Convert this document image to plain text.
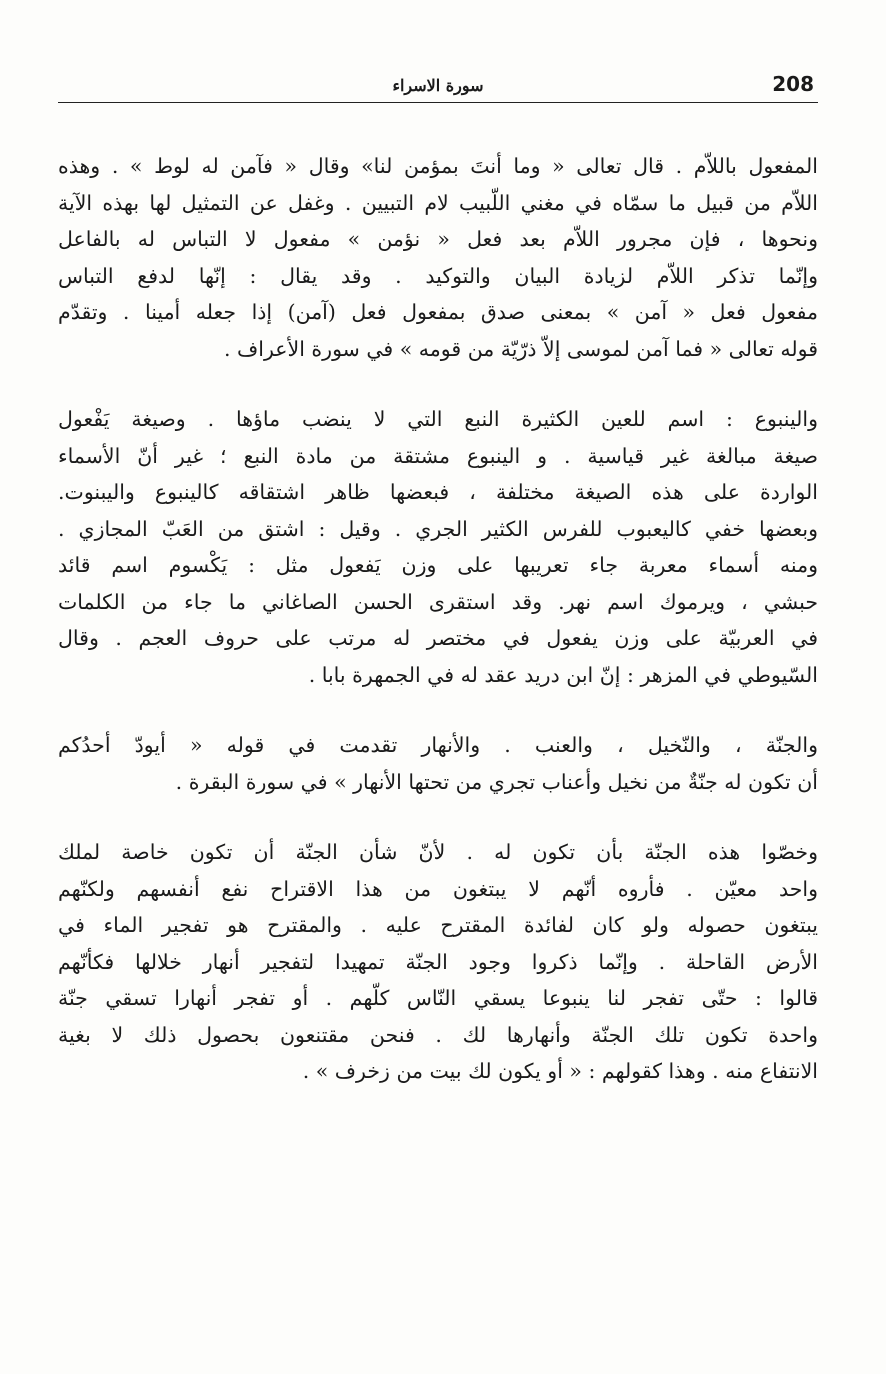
208
سورة الاسراء
المفعول باللاّم . قال تعالى « وما أنتَ بمؤمن لنا» وقال « فآمن له لوط » . وهذه
اللاّم من قبيل ما سمّاه في مغني اللّبيب لام التبيين . وغفل عن التمثيل لها بهذه الآية
ونحوها ، فإن مجرور اللاّم بعد فعل « نؤمن » مفعول لا التباس له بالفاعل
وإنّما تذكر اللاّم لزيادة البيان والتوكيد . وقد يقال : إنّها لدفع التباس
مفعول فعل « آمن » بمعنى صدق بمفعول فعل (آمن) إذا جعله أمينا . وتقدّم
قوله تعالى « فما آمن لموسى إلاّ ذرّيّة من قومه » في سورة الأعراف .
والينبوع : اسم للعين الكثيرة النبع التي لا ينضب ماؤها . وصيغة يَفْعول
صيغة مبالغة غير قياسية . و الينبوع مشتقة من مادة النبع ؛ غير أنّ الأسماء
الواردة على هذه الصيغة مختلفة ، فبعضها ظاهر اشتقاقه كالينبوع واليبنوت.
وبعضها خفي كاليعبوب للفرس الكثير الجري . وقيل : اشتق من العَبّ المجازي .
ومنه أسماء معربة جاء تعريبها على وزن يَفعول مثل : يَكْسوم اسم قائد
حبشي ، ويرموك اسم نهر. وقد استقرى الحسن الصاغاني ما جاء من الكلمات
في العربيّة على وزن يفعول في مختصر له مرتب على حروف العجم . وقال
السّيوطي في المزهر : إنّ ابن دريد عقد له في الجمهرة بابا .
والجنّة ، والنّخيل ، والعنب . والأنهار تقدمت في قوله « أيودّ أحدُكم
أن تكون له جنّةٌ من نخيل وأعناب تجري من تحتها الأنهار » في سورة البقرة .
وخصّوا هذه الجنّة بأن تكون له . لأنّ شأن الجنّة أن تكون خاصة لملك
واحد معيّن . فأروه أنّهم لا يبتغون من هذا الاقتراح نفع أنفسهم ولكنّهم
يبتغون حصوله ولو كان لفائدة المقترح عليه . والمقترح هو تفجير الماء في
الأرض القاحلة . وإنّما ذكروا وجود الجنّة تمهيدا لتفجير أنهار خلالها فكأنّهم
قالوا : حتّى تفجر لنا ينبوعا يسقي النّاس كلّهم . أو تفجر أنهارا تسقي جنّة
واحدة تكون تلك الجنّة وأنهارها لك . فنحن مقتنعون بحصول ذلك لا بغية
الانتفاع منه . وهذا كقولهم : « أو يكون لك بيت من زخرف » .
